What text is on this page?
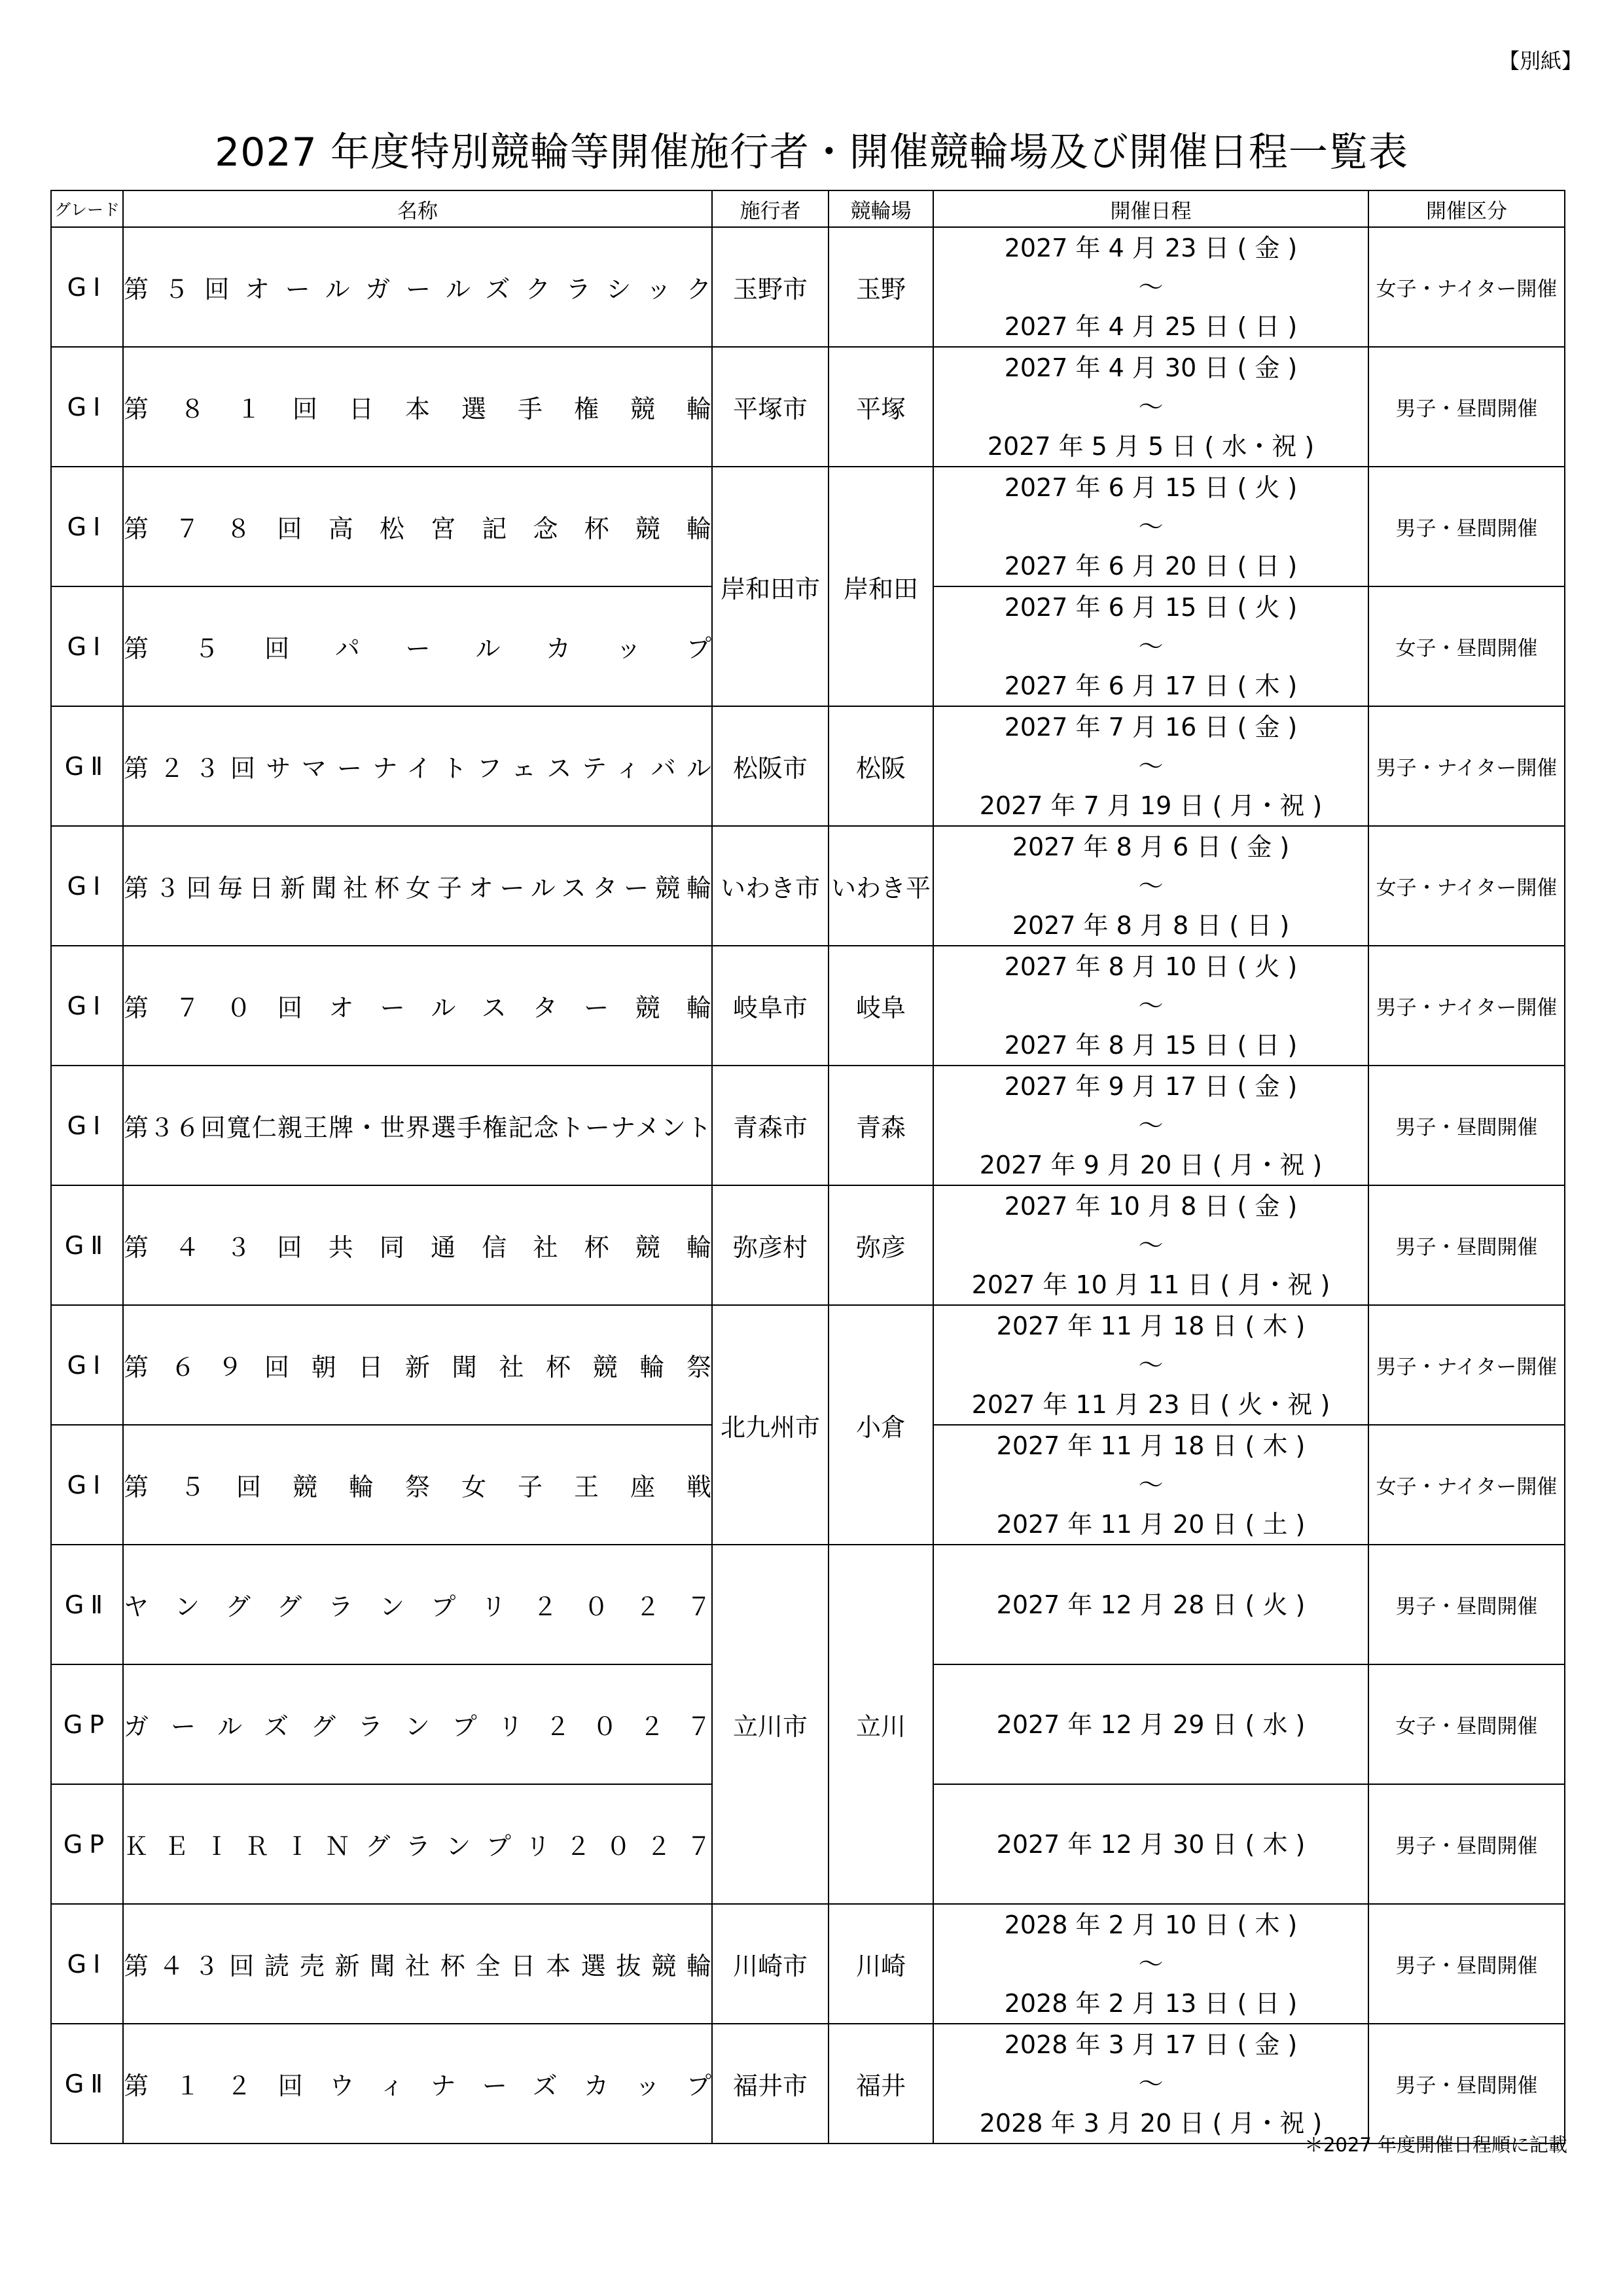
【別紙】
2027 年度特別競輪等開催施行者・開催競輪場及び開催日程一覧表
グレード	名称	施行者	競輪場	開催日程	開催区分
GⅠ	第５回オールガールズクラシック	玉野市	玉野	2027 年 4 月 23 日 ( 金 )
～
2027 年 4 月 25 日 ( 日 )	女子・ナイター開催
GⅠ	第８１回日本選手権競輪	平塚市	平塚	2027 年 4 月 30 日 ( 金 )
～
2027 年 5 月 5 日 ( 水・祝 )	男子・昼間開催
GⅠ	第７８回高松宮記念杯競輪	岸和田市	岸和田	2027 年 6 月 15 日 ( 火 )
～
2027 年 6 月 20 日 ( 日 )	男子・昼間開催
GⅠ	第５回パールカップ			2027 年 6 月 15 日 ( 火 )
～
2027 年 6 月 17 日 ( 木 )	女子・昼間開催
GⅡ	第２３回サマーナイトフェスティバル	松阪市	松阪	2027 年 7 月 16 日 ( 金 )
～
2027 年 7 月 19 日 ( 月・祝 )	男子・ナイター開催
GⅠ	第３回毎日新聞社杯女子オールスター競輪	いわき市	いわき平	2027 年 8 月 6 日 ( 金 )
～
2027 年 8 月 8 日 ( 日 )	女子・ナイター開催
GⅠ	第７０回オールスター競輪	岐阜市	岐阜	2027 年 8 月 10 日 ( 火 )
～
2027 年 8 月 15 日 ( 日 )	男子・ナイター開催
GⅠ	第３６回寬仁親王牌・世界選手権記念トーナメント	青森市	青森	2027 年 9 月 17 日 ( 金 )
～
2027 年 9 月 20 日 ( 月・祝 )	男子・昼間開催
GⅡ	第４３回共同通信社杯競輪	弥彦村	弥彦	2027 年 10 月 8 日 ( 金 )
～
2027 年 10 月 11 日 ( 月・祝 )	男子・昼間開催
GⅠ	第６９回朝日新聞社杯競輪祭	北九州市	小倉	2027 年 11 月 18 日 ( 木 )
～
2027 年 11 月 23 日 ( 火・祝 )	男子・ナイター開催
GⅠ	第５回競輪祭女子王座戦			2027 年 11 月 18 日 ( 木 )
～
2027 年 11 月 20 日 ( 土 )	女子・ナイター開催
GⅡ	ヤンググランプリ２０２７	立川市	立川	2027 年 12 月 28 日 ( 火 )	男子・昼間開催
GP	ガールズグランプリ２０２７			2027 年 12 月 29 日 ( 水 )	女子・昼間開催
GP	ＫＥＩＲＩＮグランプリ２０２７			2027 年 12 月 30 日 ( 木 )	男子・昼間開催
GⅠ	第４３回読売新聞社杯全日本選抜競輪	川崎市	川崎	2028 年 2 月 10 日 ( 木 )
～
2028 年 2 月 13 日 ( 日 )	男子・昼間開催
GⅡ	第１２回ウィナーズカップ	福井市	福井	2028 年 3 月 17 日 ( 金 )
～
2028 年 3 月 20 日 ( 月・祝 )	男子・昼間開催
＊2027 年度開催日程順に記載
